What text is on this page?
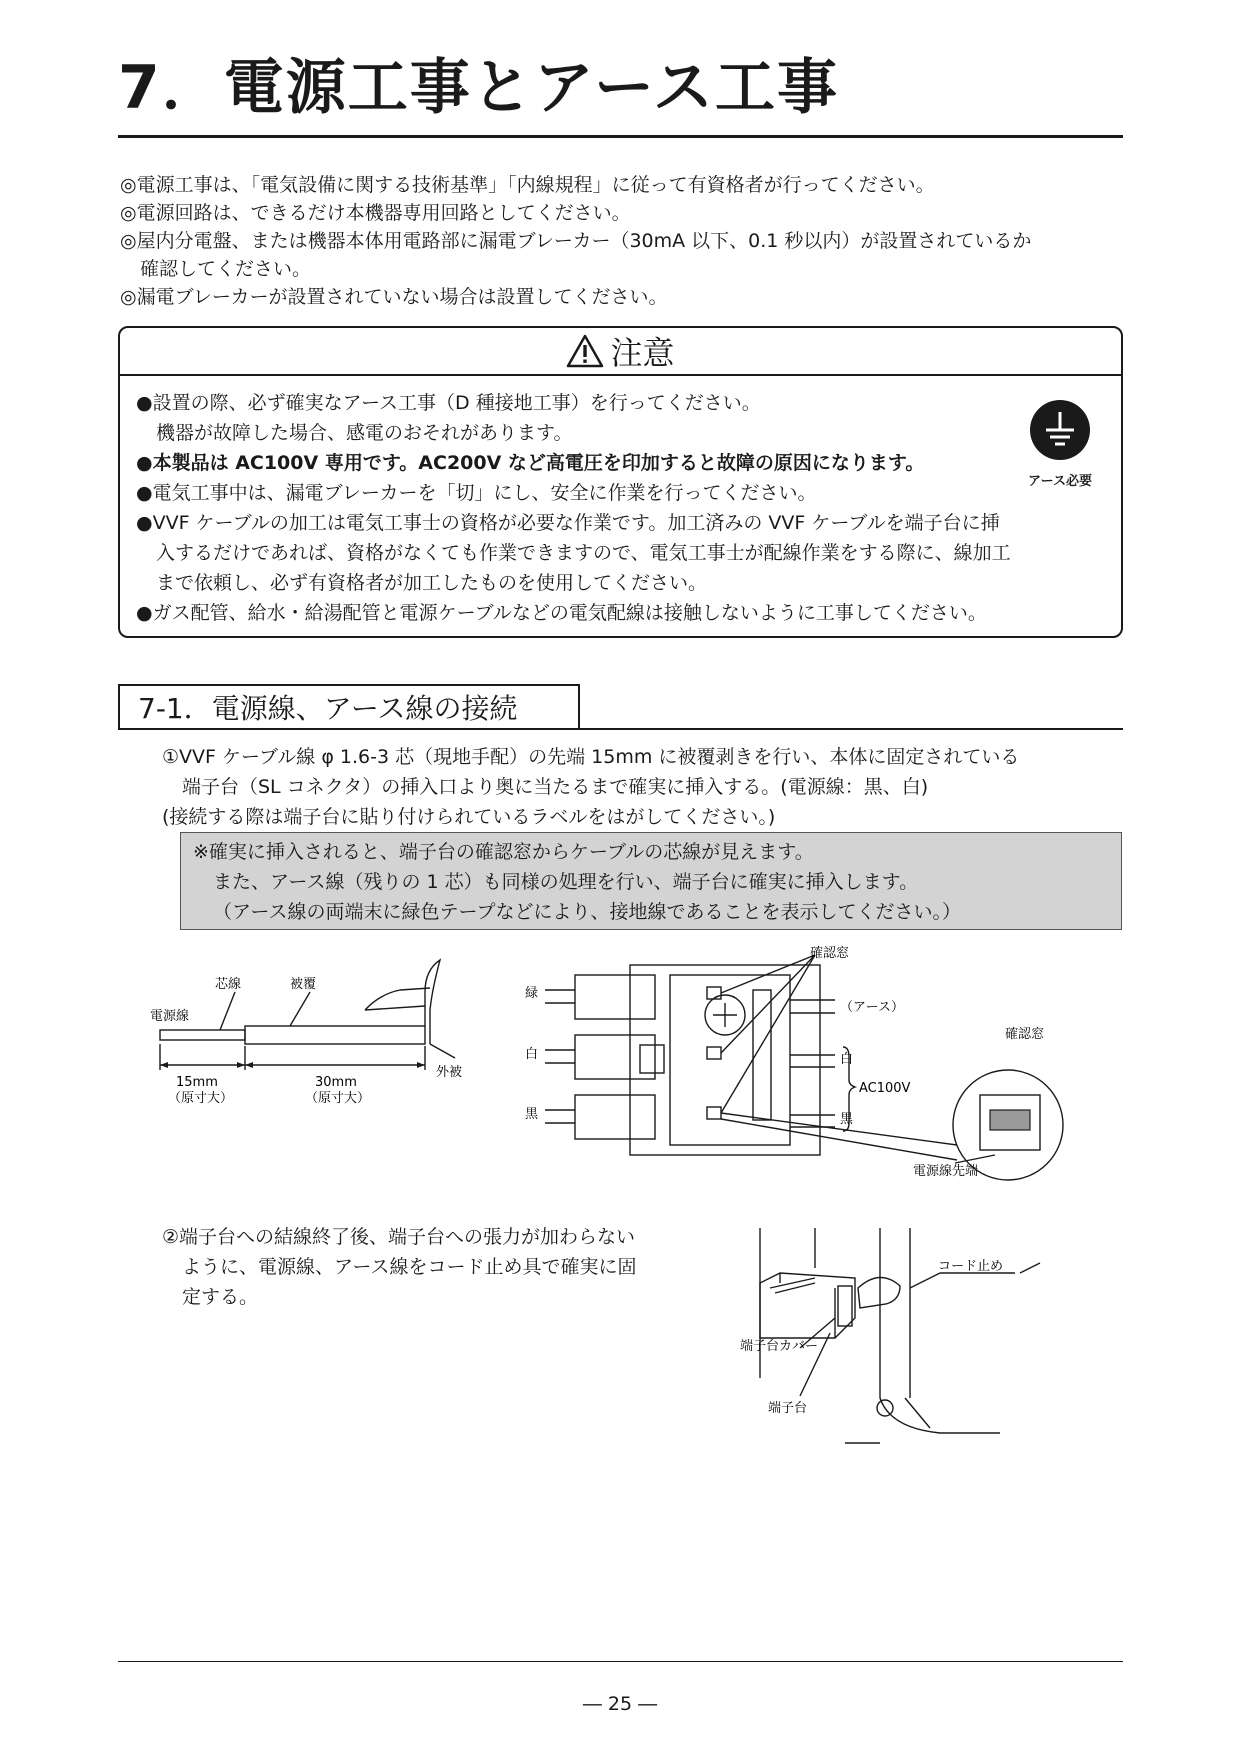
7．電源工事とアース工事
◎電源工事は、「電気設備に関する技術基準」「内線規程」に従って有資格者が行ってください。
◎電源回路は、できるだけ本機器専用回路としてください。
◎屋内分電盤、または機器本体用電路部に漏電ブレーカー（30mA 以下、0.1 秒以内）が設置されているか
確認してください。
◎漏電ブレーカーが設置されていない場合は設置してください。
注意
●設置の際、必ず確実なアース工事（D 種接地工事）を行ってください。
機器が故障した場合、感電のおそれがあります。
●本製品は AC100V 専用です。AC200V など高電圧を印加すると故障の原因になります。
●電気工事中は、漏電ブレーカーを「切」にし、安全に作業を行ってください。
●VVF ケーブルの加工は電気工事士の資格が必要な作業です。加工済みの VVF ケーブルを端子台に挿
入するだけであれば、資格がなくても作業できますので、電気工事士が配線作業をする際に、線加工
まで依頼し、必ず有資格者が加工したものを使用してください。
●ガス配管、給水・給湯配管と電源ケーブルなどの電気配線は接触しないように工事してください。
アース必要
7-1．電源線、アース線の接続
①VVF ケーブル線 φ 1.6-3 芯（現地手配）の先端 15mm に被覆剥きを行い、本体に固定されている
端子台（SL コネクタ）の挿入口より奥に当たるまで確実に挿入する。(電源線：黒、白)
(接続する際は端子台に貼り付けられているラベルをはがしてください。)
※確実に挿入されると、端子台の確認窓からケーブルの芯線が見えます。
また、アース線（残りの 1 芯）も同様の処理を行い、端子台に確実に挿入します。
（アース線の両端末に緑色テープなどにより、接地線であることを表示してください。）
芯線	被覆
電源線
15mm
（原寸大）
30mm
（原寸大）
外被
緑
白
黒
確認窓
（アース）
白
黒
AC100V
確認窓
電源線先端
②端子台への結線終了後、端子台への張力が加わらない
ように、電源線、アース線をコード止め具で確実に固
定する。
コード止め
端子台カバー
端子台
― 25 ―
